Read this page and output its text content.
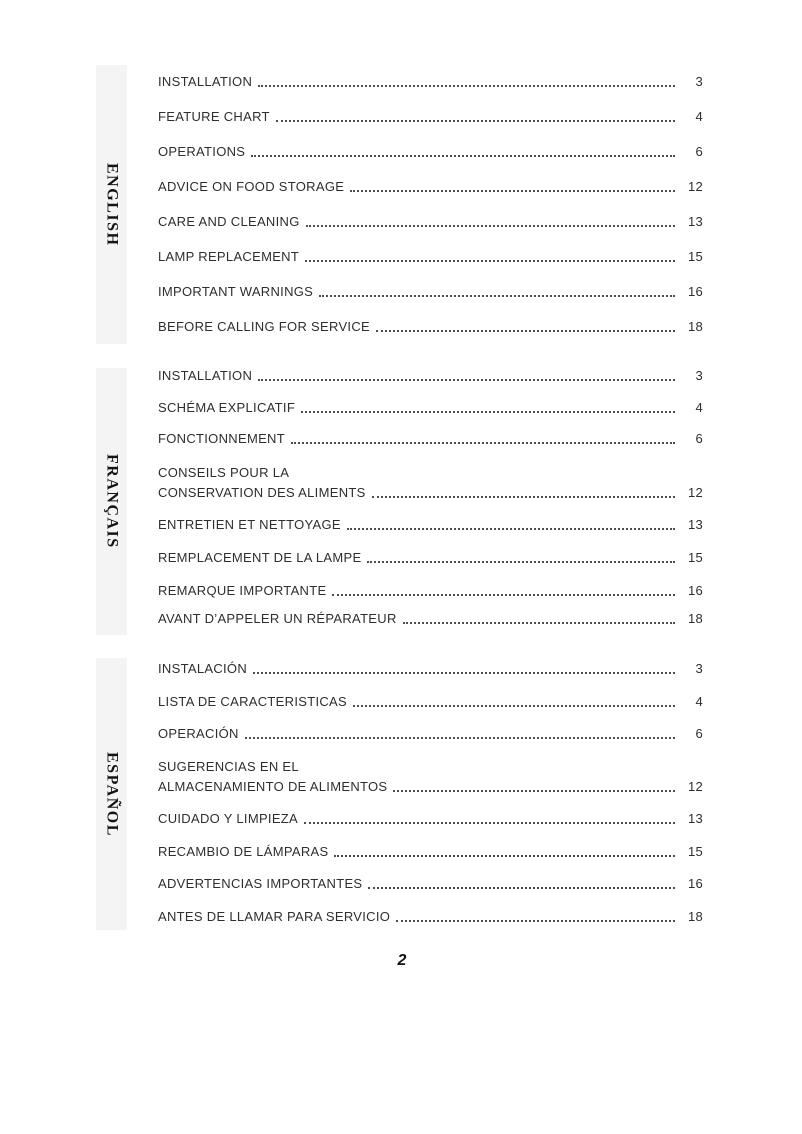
ENGLISH
INSTALLATION	3
FEATURE CHART	4
OPERATIONS	6
ADVICE ON FOOD STORAGE	12
CARE AND CLEANING	13
LAMP REPLACEMENT	15
IMPORTANT WARNINGS	16
BEFORE CALLING FOR SERVICE	18
FRANÇAIS
INSTALLATION	3
SCHÉMA EXPLICATIF	4
FONCTIONNEMENT	6
CONSEILS POUR LA
CONSERVATION DES ALIMENTS	12
ENTRETIEN ET NETTOYAGE	13
REMPLACEMENT DE LA LAMPE	15
REMARQUE IMPORTANTE	16
AVANT D’APPELER UN RÉPARATEUR	18
ESPAÑOL
INSTALACIÓN	3
LISTA DE CARACTERISTICAS	4
OPERACIÓN	6
SUGERENCIAS EN EL
ALMACENAMIENTO DE ALIMENTOS	12
CUIDADO Y LIMPIEZA	13
RECAMBIO DE LÁMPARAS	15
ADVERTENCIAS IMPORTANTES	16
ANTES DE LLAMAR PARA SERVICIO	18
2
